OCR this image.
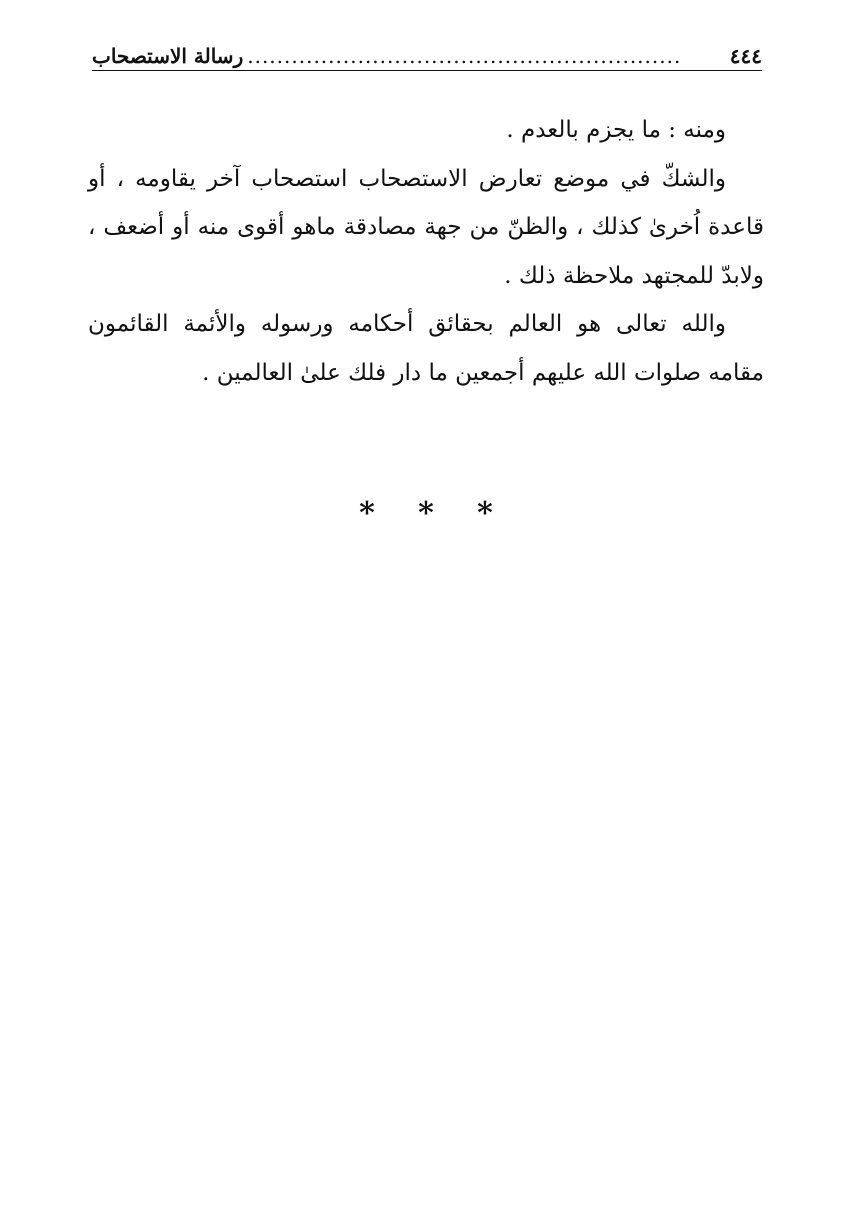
٤٤٤
...........................................................
رسالة الاستصحاب

ومنه : ما يجزم بالعدم .

والشكّ في موضع تعارض الاستصحاب استصحاب آخر يقاومه ، أو قاعدة اُخرىٰ كذلك ، والظنّ من جهة مصادقة ماهو أقوى منه أو أضعف ، ولابدّ للمجتهد ملاحظة ذلك .

والله تعالى هو العالم بحقائق أحكامه ورسوله والأئمة القائمون مقامه صلوات الله عليهم أجمعين ما دار فلك علىٰ العالمين .

* * *
